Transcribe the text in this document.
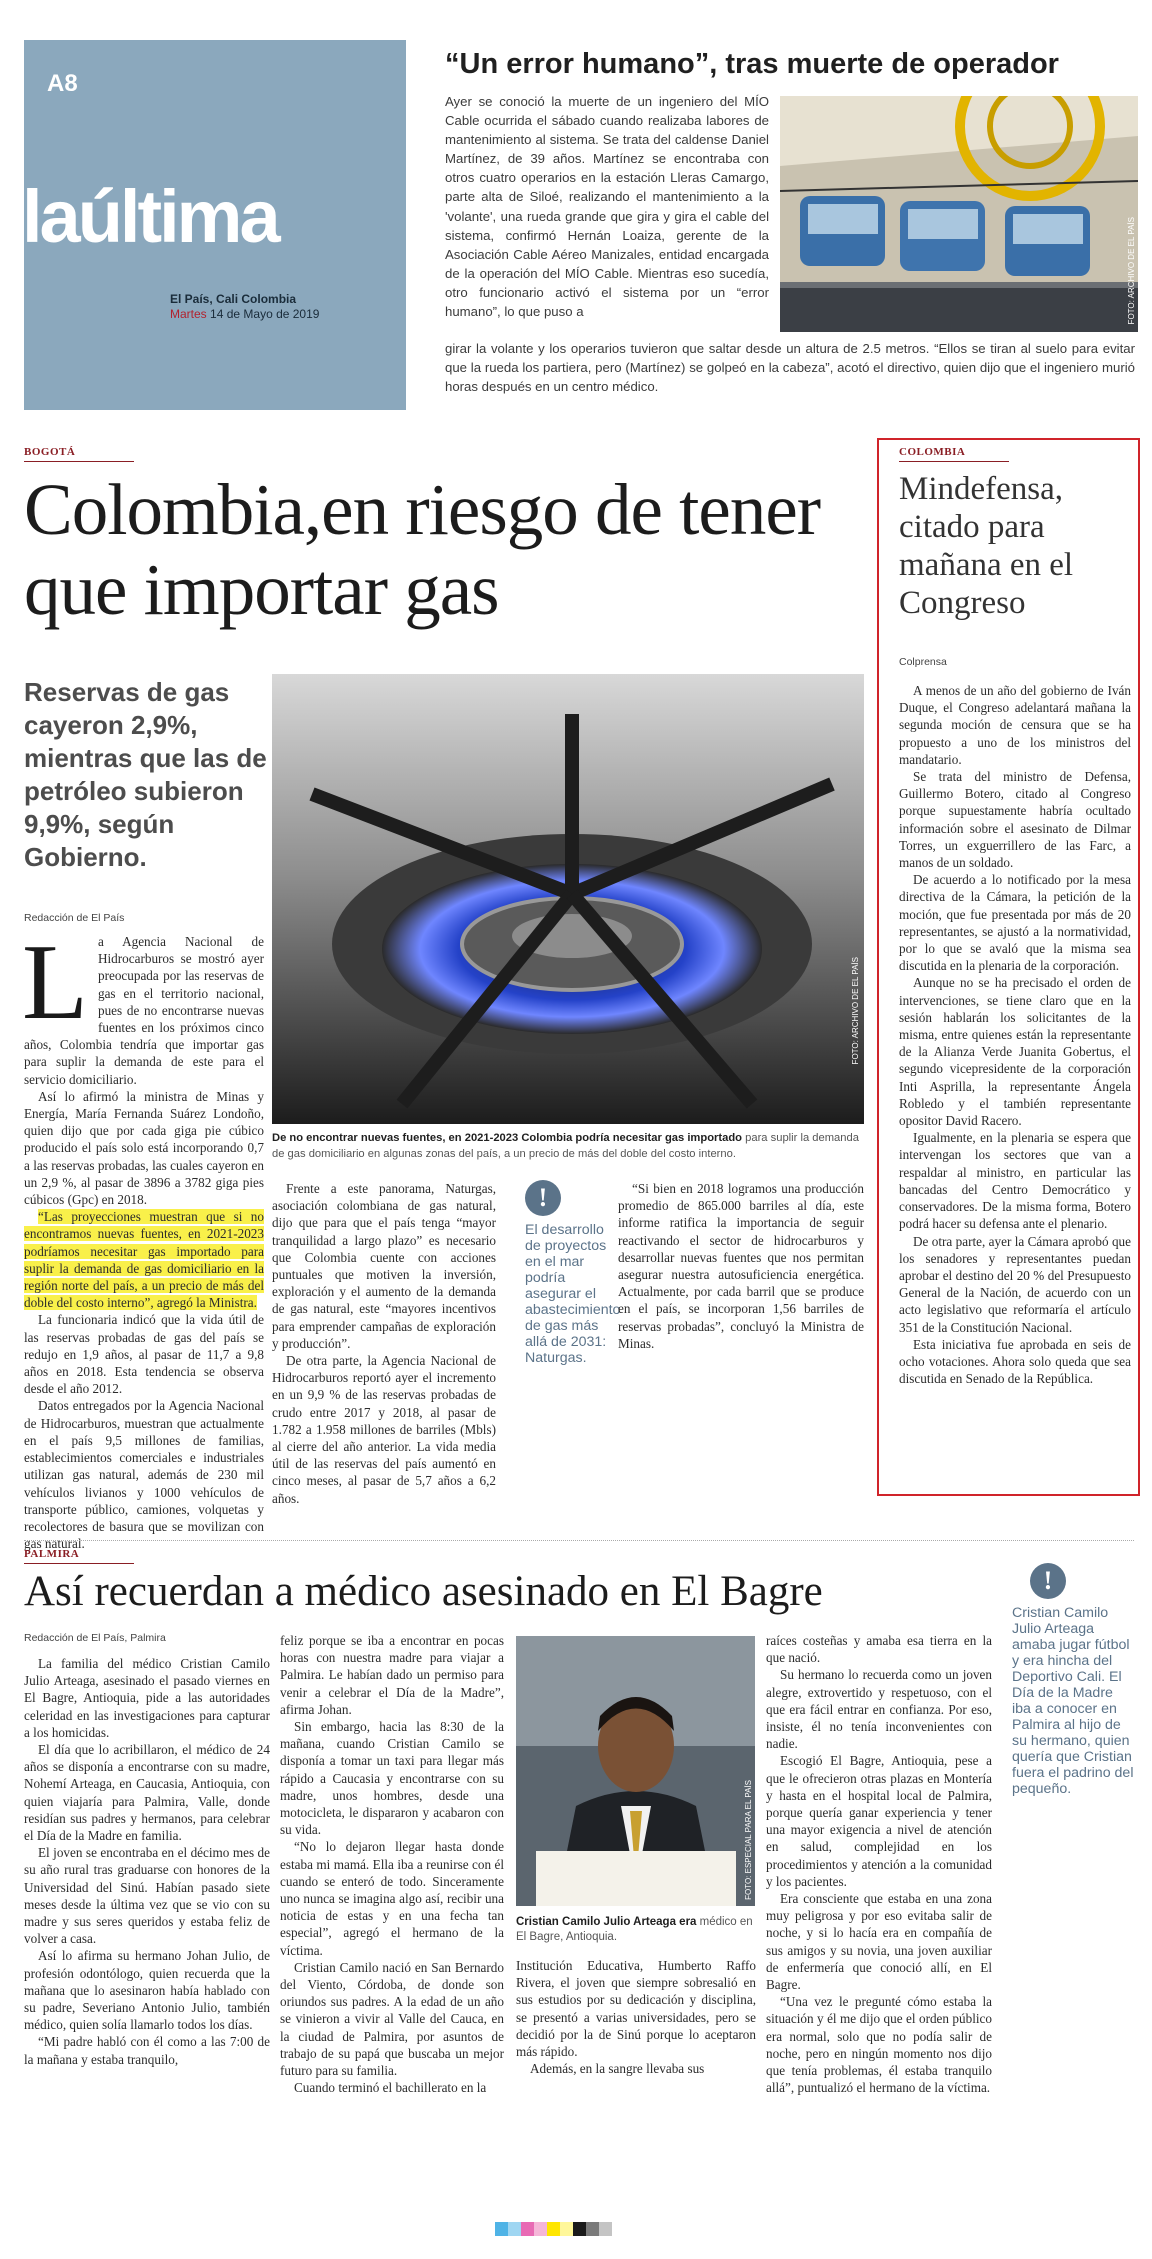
A8
laúltima
El País, Cali Colombia
Martes 14 de Mayo de 2019
“Un error humano”, tras muerte de operador
FOTO: ARCHIVO DE EL PAÍS
Ayer se conoció la muerte de un ingeniero del MÍO Cable ocurrida el sábado cuando realizaba labores de mantenimiento al sistema. Se trata del caldense Daniel Martínez, de 39 años. Martínez se encontraba con otros cuatro operarios en la estación Lleras Camargo, parte alta de Siloé, realizando el mantenimiento a la 'volante', una rueda grande que gira y gira el cable del sistema, confirmó Hernán Loaiza, gerente de la Asociación Cable Aéreo Manizales, entidad encargada de la operación del MÍO Cable. Mientras eso sucedía, otro funcionario activó el sistema por un “error humano”, lo que puso a
girar la volante y los operarios tuvieron que saltar desde un altura de 2.5 metros. “Ellos se tiran al suelo para evitar que la rueda los partiera, pero (Martínez) se golpeó en la cabeza”, acotó el directivo, quien dijo que el ingeniero murió horas después en un centro médico.
BOGOTÁ
Colombia,en riesgo de tener que importar gas
Reservas de gas cayeron 2,9%, mientras que las de petróleo subieron 9,9%, según Gobierno.
FOTO: ARCHIVO DE EL PAÍS
De no encontrar nuevas fuentes, en 2021-2023 Colombia podría necesitar gas importado para suplir la demanda de gas domiciliario en algunas zonas del país, a un precio de más del doble del costo interno.
Redacción de El País
La Agencia Nacional de Hidrocarburos se mostró ayer preocupada por las reservas de gas en el territorio nacional, pues de no encontrarse nuevas fuentes en los próximos cinco años, Colombia tendría que importar gas para suplir la demanda de este para el servicio domiciliario.

Así lo afirmó la ministra de Minas y Energía, María Fernanda Suárez Londoño, quien dijo que por cada giga pie cúbico producido el país solo está incorporando 0,7 a las reservas probadas, las cuales cayeron en un 2,9 %, al pasar de 3896 a 3782 giga pies cúbicos (Gpc) en 2018.

“Las proyecciones muestran que si no encontramos nuevas fuentes, en 2021-2023 podríamos necesitar gas importado para suplir la demanda de gas domiciliario en la región norte del país, a un precio de más del doble del costo interno”, agregó la Ministra.

La funcionaria indicó que la vida útil de las reservas probadas de gas del país se redujo en 1,9 años, al pasar de 11,7 a 9,8 años en 2018. Esta tendencia se observa desde el año 2012.

Datos entregados por la Agencia Nacional de Hidrocarburos, muestran que actualmente en el país 9,5 millones de familias, establecimientos comerciales e industriales utilizan gas natural, además de 230 mil vehículos livianos y 1000 vehículos de transporte público, camiones, volquetas y recolectores de basura que se movilizan con gas natural.

Frente a este panorama, Naturgas, asociación colombiana de gas natural, dijo que para que el país tenga “mayor tranquilidad a largo plazo” es necesario que Colombia cuente con acciones puntuales que motiven la inversión, exploración y el aumento de la demanda de gas natural, este “mayores incentivos para emprender campañas de exploración y producción”.

De otra parte, la Agencia Nacional de Hidrocarburos reportó ayer el incremento en un 9,9 % de las reservas probadas de crudo entre 2017 y 2018, al pasar de 1.782 a 1.958 millones de barriles (Mbls) al cierre del año anterior. La vida media útil de las reservas del país aumentó en cinco meses, al pasar de 5,7 años a 6,2 años.

!
El desarrollo de proyectos en el mar podría asegurar el abastecimiento de gas más allá de 2031: Naturgas.

“Si bien en 2018 logramos una producción promedio de 865.000 barriles al día, este informe ratifica la importancia de seguir reactivando el sector de hidrocarburos y desarrollar nuevas fuentes que nos permitan asegurar nuestra autosuficiencia energética. Actualmente, por cada barril que se produce en el país, se incorporan 1,56 barriles de reservas probadas”, concluyó la Ministra de Minas.

COLOMBIA
Mindefensa, citado para mañana en el Congreso
Colprensa

A menos de un año del gobierno de Iván Duque, el Congreso adelantará mañana la segunda moción de censura que se ha propuesto a uno de los ministros del mandatario.

Se trata del ministro de Defensa, Guillermo Botero, citado al Congreso porque supuestamente habría ocultado información sobre el asesinato de Dilmar Torres, un exguerrillero de las Farc, a manos de un soldado.

De acuerdo a lo notificado por la mesa directiva de la Cámara, la petición de la moción, que fue presentada por más de 20 representantes, se ajustó a la normatividad, por lo que se avaló que la misma sea discutida en la plenaria de la corporación.

Aunque no se ha precisado el orden de intervenciones, se tiene claro que en la sesión hablarán los solicitantes de la misma, entre quienes están la representante de la Alianza Verde Juanita Gobertus, el segundo vicepresidente de la corporación Inti Asprilla, la representante Ángela Robledo y el también representante opositor David Racero.

Igualmente, en la plenaria se espera que intervengan los sectores que van a respaldar al ministro, en particular las bancadas del Centro Democrático y conservadores. De la misma forma, Botero podrá hacer su defensa ante el plenario.

De otra parte, ayer la Cámara aprobó que los senadores y representantes puedan aprobar el destino del 20 % del Presupuesto General de la Nación, de acuerdo con un acto legislativo que reformaría el artículo 351 de la Constitución Nacional.

Esta iniciativa fue aprobada en seis de ocho votaciones. Ahora solo queda que sea discutida en Senado de la República.

PALMIRA
Así recuerdan a médico asesinado en El Bagre
Redacción de El País, Palmira

La familia del médico Cristian Camilo Julio Arteaga, asesinado el pasado viernes en El Bagre, Antioquia, pide a las autoridades celeridad en las investigaciones para capturar a los homicidas.

El día que lo acribillaron, el médico de 24 años se disponía a encontrarse con su madre, Nohemí Arteaga, en Caucasia, Antioquia, con quien viajaría para Palmira, Valle, donde residían sus padres y hermanos, para celebrar el Día de la Madre en familia.

El joven se encontraba en el décimo mes de su año rural tras graduarse con honores de la Universidad del Sinú. Habían pasado siete meses desde la última vez que se vio con su madre y sus seres queridos y estaba feliz de volver a casa.

Así lo afirma su hermano Johan Julio, de profesión odontólogo, quien recuerda que la mañana que lo asesinaron había hablado con su padre, Severiano Antonio Julio, también médico, quien solía llamarlo todos los días.

“Mi padre habló con él como a las 7:00 de la mañana y estaba tranquilo,

feliz porque se iba a encontrar en pocas horas con nuestra madre para viajar a Palmira. Le habían dado un permiso para venir a celebrar el Día de la Madre”, afirma Johan.

Sin embargo, hacia las 8:30 de la mañana, cuando Cristian Camilo se disponía a tomar un taxi para llegar más rápido a Caucasia y encontrarse con su madre, unos hombres, desde una motocicleta, le dispararon y acabaron con su vida.

“No lo dejaron llegar hasta donde estaba mi mamá. Ella iba a reunirse con él cuando se enteró de todo. Sinceramente uno nunca se imagina algo así, recibir una noticia de estas y en una fecha tan especial”, agregó el hermano de la víctima.

Cristian Camilo nació en San Bernardo del Viento, Córdoba, de donde son oriundos sus padres. A la edad de un año se vinieron a vivir al Valle del Cauca, en la ciudad de Palmira, por asuntos de trabajo de su papá que buscaba un mejor futuro para su familia.

Cuando terminó el bachillerato en la

FOTO: ESPECIAL PARA EL PAÍS
Cristian Camilo Julio Arteaga era médico en El Bagre, Antioquia.

Institución Educativa, Humberto Raffo Rivera, el joven que siempre sobresalió en sus estudios por su dedicación y disciplina, se presentó a varias universidades, pero se decidió por la de Sinú porque lo aceptaron más rápido.

Además, en la sangre llevaba sus

raíces costeñas y amaba esa tierra en la que nació.

Su hermano lo recuerda como un joven alegre, extrovertido y respetuoso, con el que era fácil entrar en confianza. Por eso, insiste, él no tenía inconvenientes con nadie.

Escogió El Bagre, Antioquia, pese a que le ofrecieron otras plazas en Montería y hasta en el hospital local de Palmira, porque quería ganar experiencia y tener una mayor exigencia a nivel de atención en salud, complejidad en los procedimientos y atención a la comunidad y los pacientes.

Era consciente que estaba en una zona muy peligrosa y por eso evitaba salir de noche, y si lo hacía era en compañía de sus amigos y su novia, una joven auxiliar de enfermería que conoció allí, en El Bagre.

“Una vez le pregunté cómo estaba la situación y él me dijo que el orden público era normal, solo que no podía salir de noche, pero en ningún momento nos dijo que tenía problemas, él estaba tranquilo allá”, puntualizó el hermano de la víctima.

!
Cristian Camilo Julio Arteaga amaba jugar fútbol y era hincha del Deportivo Cali. El Día de la Madre iba a conocer en Palmira al hijo de su hermano, quien quería que Cristian fuera el padrino del pequeño.
